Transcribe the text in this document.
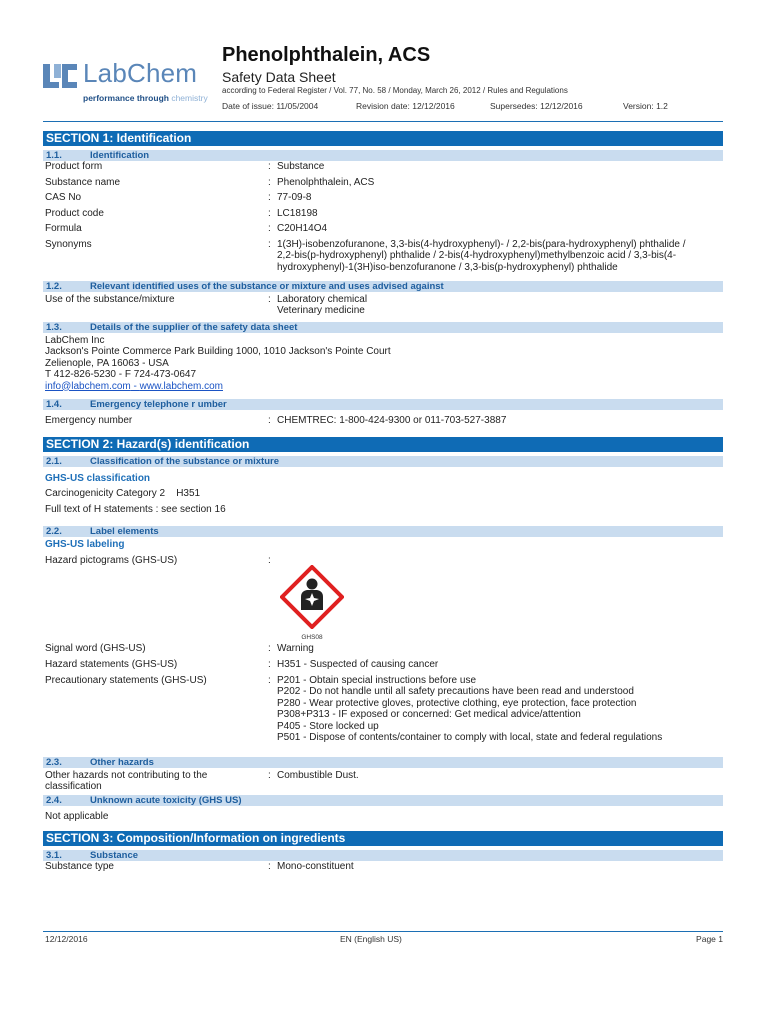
LabChem
performance through chemistry
Phenolphthalein, ACS
Safety Data Sheet
according to Federal Register / Vol. 77, No. 58 / Monday, March 26, 2012 / Rules and Regulations
Date of issue: 11/05/2004	Revision date: 12/12/2016	Supersedes: 12/12/2016	Version: 1.2
SECTION 1: Identification
1.1.	Identification
Product form	: Substance
Substance name	: Phenolphthalein, ACS
CAS No	: 77-09-8
Product code	: LC18198
Formula	: C20H14O4
Synonyms	: 1(3H)-isobenzofuranone, 3,3-bis(4-hydroxyphenyl)- / 2,2-bis(para-hydroxyphenyl) phthalide /
2,2-bis(p-hydroxyphenyl) phthalide / 2-bis(4-hydroxyphenyl)methylbenzoic acid / 3,3-bis(4-
hydroxyphenyl)-1(3H)iso-benzofuranone / 3,3-bis(p-hydroxyphenyl) phthalide
1.2.	Relevant identified uses of the substance or mixture and uses advised against
Use of the substance/mixture	: Laboratory chemical
Veterinary medicine
1.3.	Details of the supplier of the safety data sheet
LabChem Inc
Jackson's Pointe Commerce Park Building 1000, 1010 Jackson's Pointe Court
Zelienople, PA 16063 - USA
T 412-826-5230 - F 724-473-0647
info@labchem.com - www.labchem.com
1.4.	Emergency telephone r umber
Emergency number	: CHEMTREC: 1-800-424-9300 or 011-703-527-3887
SECTION 2: Hazard(s) identification
2.1.	Classification of the substance or mixture
GHS-US classification
Carcinogenicity Category 2 H351
Full text of H statements : see section 16
2.2.	Label elements
GHS-US labeling
Hazard pictograms (GHS-US)	:
GHS08
Signal word (GHS-US)	: Warning
Hazard statements (GHS-US)	: H351 - Suspected of causing cancer
Precautionary statements (GHS-US)	: P201 - Obtain special instructions before use
P202 - Do not handle until all safety precautions have been read and understood
P280 - Wear protective gloves, protective clothing, eye protection, face protection
P308+P313 - IF exposed or concerned: Get medical advice/attention
P405 - Store locked up
P501 - Dispose of contents/container to comply with local, state and federal regulations
2.3.	Other hazards
Other hazards not contributing to the
classification
: Combustible Dust.
2.4.	Unknown acute toxicity (GHS US)
Not applicable
SECTION 3: Composition/Information on ingredients
3.1.	Substance
Substance type	: Mono-constituent
12/12/2016	EN (English US)	Page 1
